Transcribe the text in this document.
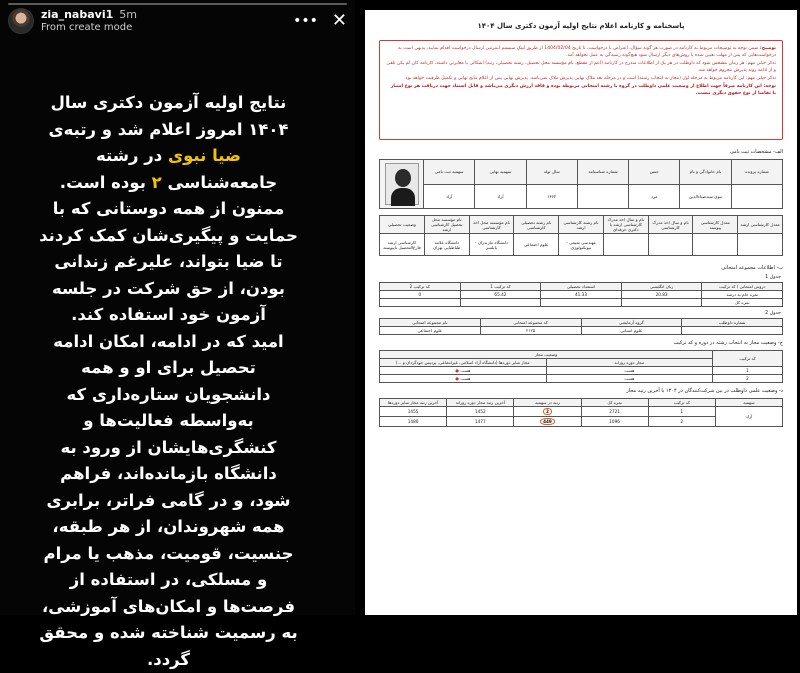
zia_nabavi1 5m
From create mode	••• ✕
نتایج اولیه آزمون دکتری سال
۱۴۰۴ امروز اعلام شد و رتبه‌ی
ضیا نبوی در رشته
جامعه‌شناسی ۲ بوده است.
ممنون از همه دوستانی که با
حمایت و پیگیری‌شان کمک کردند
تا ضیا بتواند، علیرغم زندانی
بودن، از حق شرکت در جلسه
آزمون خود استفاده کند.
امید که در ادامه، امکان ادامه
تحصیل برای او و همه
دانشجویان ستاره‌داری که
به‌واسطه فعالیت‌ها و
کنشگری‌هایشان از ورود به
دانشگاه بازمانده‌اند، فراهم
شود، و در گامی فراتر، برابری
همه شهروندان، از هر طبقه،
جنسیت، قومیت، مذهب یا مرام
و مسلکی، در استفاده از
فرصت‌ها و امکان‌های آموزشی،
به رسمیت شناخته شده و محقق
گردد.
پاسخنامه و کارنامه اعلام نتایج اولیه آزمون دکتری سال ۱۴۰۴

توضیح: ضمن توجه به توضیحات مربوط به کارنامه در صورت هر گونه سؤال، اعتراض یا درخواست، تا تاریخ 1404/02/04 از طریق لینک سیستم اینترنتی ارسال درخواست اقدام نمایید. بدیهی است به درخواست‌هایی که پس از مهلت تعیین شده یا روش‌های دیگر ارسال شود هیچ‌گونه رسیدگی به عمل نخواهد آمد.

تذکر خیلی مهم: هر زمان مشخص شود که داوطلب در هر یک از اطلاعات مندرج در کارنامه (اعم از مقطع، نام مؤسسه محل تحصیل، رشته تحصیلی، رتبه) اشکالی یا مغایرتی داشته، کارنامه کان لم یکن تلقی و از ادامه روند پذیرش محروم خواهد شد.

تذکر خیلی مهم: این کارنامه مربوط به مرحله اول (مجاز به انتخاب رشته) است و در مرحله بعد ملاک نهایی پذیرش ملاک نمی‌باشد. پذیرش نهایی پس از اعلام نتایج نهایی و تکمیل ظرفیت خواهد بود.

توجه: این کارنامه صرفاً جهت اطلاع از وضعیت علمی داوطلب در گروه یا رشته امتحانی مربوطه بوده و فاقد ارزش دیگری می‌باشد و قابل استناد جهت دریافت هر نوع امتیاز یا تقاضا از نوع حقوق دیگری نیست.

الف- مشخصات ثبت نامی
شماره پرونده	نام خانوادگی و نام	جنس	شماره شناسنامه	سال تولد	سهمیه نهایی	سهمیه ثبت نامی	

	نبوی سیدضیاءالدین	مرد		۱۳۶۲	آزاد	آزاد	
معدل کارشناسی ارشد	معدل کارشناسی پیوسته	نام و سال اخذ مدرک کارشناسی	نام و سال اخذ مدرک کارشناسی ارشد یا دکتری حرفه‌ای	نام رشته کارشناسی ارشد	نام رشته تحصیلی کارشناسی	نام مؤسسه محل اخذ کارشناسی	نام مؤسسه محل تحصیل کارشناسی ارشد	وضعیت تحصیلی
				مهندسی شیمی - بیوتکنولوژی	علوم اجتماعی	دانشگاه مازندران - بابلسر	دانشگاه علامه طباطبایی تهران	کارشناسی ارشد فارغ‌التحصیل ناپیوسته
ب- اطلاعات مجموعه امتحانی
جدول 1
دروس امتحانی / کد ترکیب	زبان انگلیسی	استعداد تحصیلی	کد ترکیب 1	کد ترکیب 2
نمره خام به درصد	20.83	41.33	65.42	0
نمره کل				
جدول 2
شماره داوطلب	گروه آزمایشی	کد مجموعه امتحانی	نام مجموعه امتحانی
	علوم انسانی	۲۱۲۵	علوم اجتماعی
ج- وضعیت مجاز به انتخاب رشته در دوره و کد ترکیب
کد ترکیب	وضعیت مجاز	
	مجاز دوره روزانه	مجاز سایر دوره‌ها (دانشگاه آزاد اسلامی، غیرانتفاعی، پردیس خودگردان و ...)
1	هست	هست ●
2	هست	هست ●
د- وضعیت علمی داوطلب در بین شرکت‌کنندگان در ۱۴۰۴ با آخرین رتبه مجاز
سهمیه	کد ترکیب	نمره کل	رتبه در سهمیه	آخرین رتبه مجاز دوره روزانه	آخرین رتبه مجاز سایر دوره‌ها
آزاد	1	2721	2	1452	1455
	2	1096	449	1477	1480
